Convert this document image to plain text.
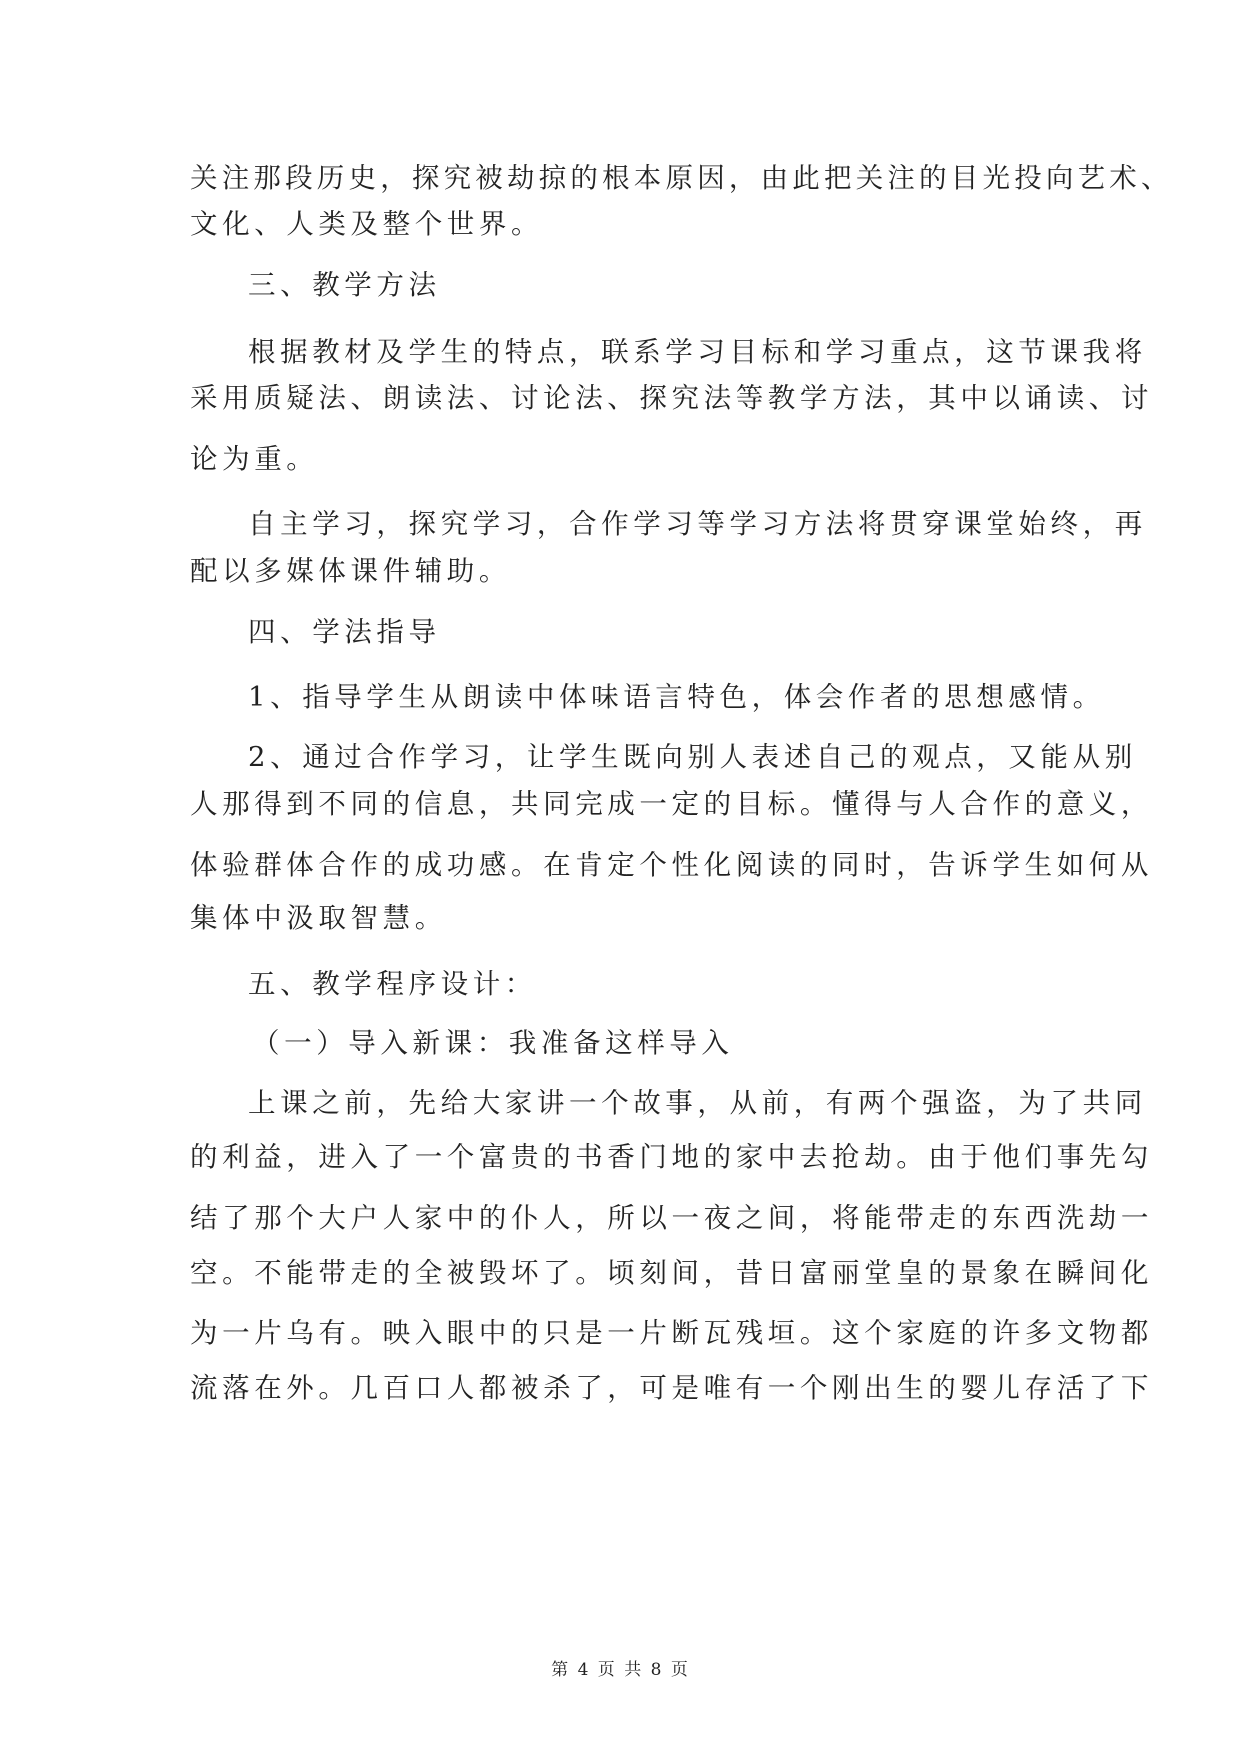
关注那段历史，探究被劫掠的根本原因，由此把关注的目光投向艺术、
文化、人类及整个世界。
三、教学方法
根据教材及学生的特点，联系学习目标和学习重点，这节课我将
采用质疑法、朗读法、讨论法、探究法等教学方法，其中以诵读、讨
论为重。
自主学习，探究学习，合作学习等学习方法将贯穿课堂始终，再
配以多媒体课件辅助。
四、学法指导
1、指导学生从朗读中体味语言特色，体会作者的思想感情。
2、通过合作学习，让学生既向别人表述自己的观点，又能从别
人那得到不同的信息，共同完成一定的目标。懂得与人合作的意义，
体验群体合作的成功感。在肯定个性化阅读的同时，告诉学生如何从
集体中汲取智慧。
五、教学程序设计：
（一）导入新课：我准备这样导入
上课之前，先给大家讲一个故事，从前，有两个强盗，为了共同
的利益，进入了一个富贵的书香门地的家中去抢劫。由于他们事先勾
结了那个大户人家中的仆人，所以一夜之间，将能带走的东西洗劫一
空。不能带走的全被毁坏了。顷刻间，昔日富丽堂皇的景象在瞬间化
为一片乌有。映入眼中的只是一片断瓦残垣。这个家庭的许多文物都
流落在外。几百口人都被杀了，可是唯有一个刚出生的婴儿存活了下
第 4 页 共 8 页
